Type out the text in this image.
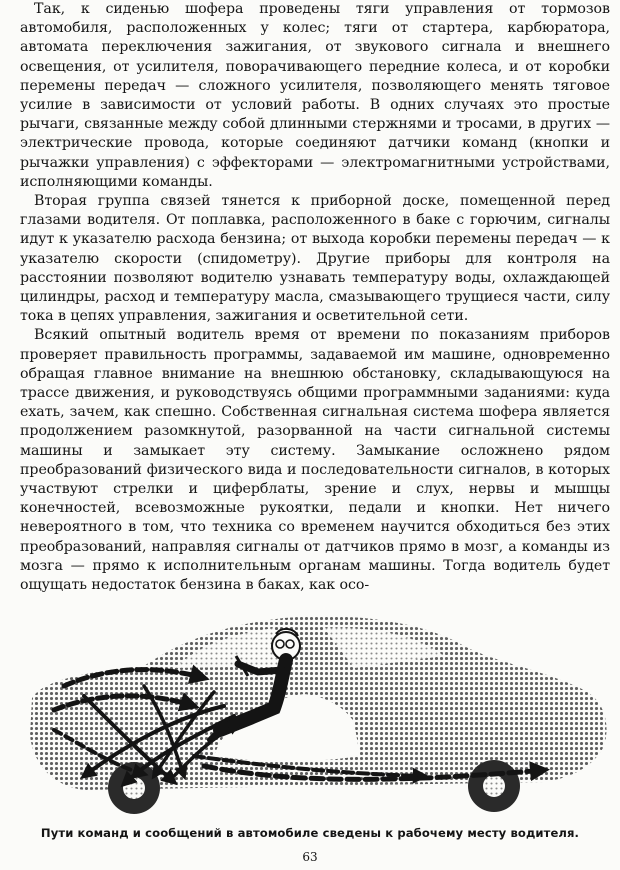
Так, к сиденью шофера проведены тяги управления от тормозов автомобиля, расположенных у колес; тяги от стартера, карбюратора, автомата переключения зажигания, от звукового сигнала и внешнего освещения, от усилителя, поворачивающего передние колеса, и от коробки перемены передач — сложного усилителя, позволяющего менять тяговое усилие в зависимости от условий работы. В одних случаях это простые рычаги, связанные между собой длинными стержнями и тросами, в других — электрические провода, которые соединяют датчики команд (кнопки и рычажки управления) с эффекторами — электромагнитными устройствами, исполняющими команды.

Вторая группа связей тянется к приборной доске, помещенной перед глазами водителя. От поплавка, расположенного в баке с горючим, сигналы идут к указателю расхода бензина; от выхода коробки перемены передач — к указателю скорости (спидометру). Другие приборы для контроля на расстоянии позволяют водителю узнавать температуру воды, охлаждающей цилиндры, расход и температуру масла, смазывающего трущиеся части, силу тока в цепях управления, зажигания и осветительной сети.

Всякий опытный водитель время от времени по показаниям приборов проверяет правильность программы, задаваемой им машине, одновременно обращая главное внимание на внешнюю обстановку, складывающуюся на трассе движения, и руководствуясь общими программными заданиями: куда ехать, зачем, как спешно. Собственная сигнальная система шофера является продолжением разомкнутой, разорванной на части сигнальной системы машины и замыкает эту систему. Замыкание осложнено рядом преобразований физического вида и последовательности сигналов, в которых участвуют стрелки и циферблаты, зрение и слух, нервы и мышцы конечностей, всевозможные рукоятки, педали и кнопки. Нет ничего невероятного в том, что техника со временем научится обходиться без этих преобразований, направляя сигналы от датчиков прямо в мозг, а команды из мозга — прямо к исполнительным органам машины. Тогда водитель будет ощущать недостаток бензина в баках, как осо-

Пути команд и сообщений в автомобиле сведены к рабочему месту водителя.
63
